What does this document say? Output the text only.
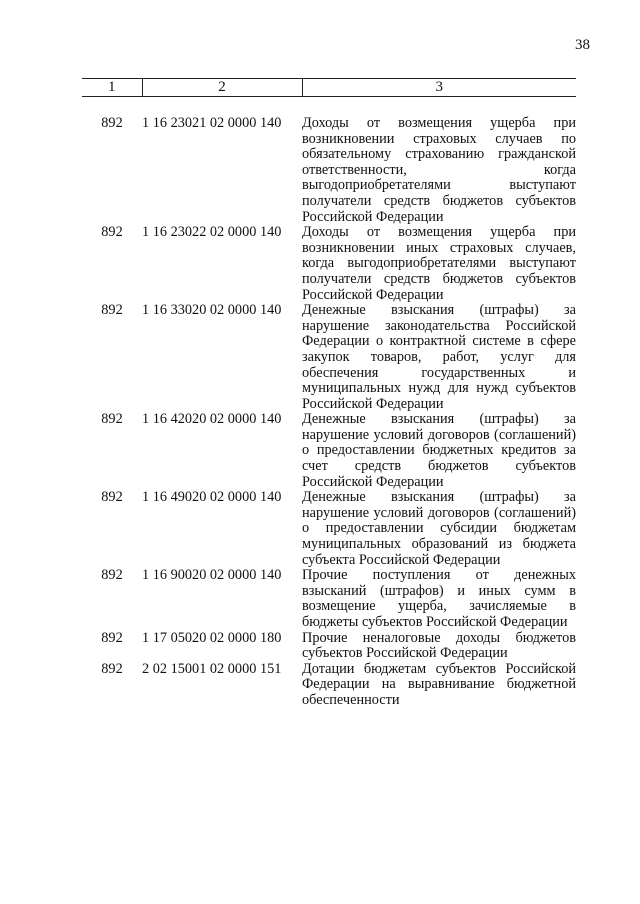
38
1	2	3

892	1 16 23021 02 0000 140	Доходы от возмещения ущерба при возникновении страховых случаев по обязательному страхованию гражданской ответственности, когда выгодоприобретателями выступают получатели средств бюджетов субъектов Российской Федерации
892	1 16 23022 02 0000 140	Доходы от возмещения ущерба при возникновении иных страховых случаев, когда выгодоприобретателями выступают получатели средств бюджетов субъектов Российской Федерации
892	1 16 33020 02 0000 140	Денежные взыскания (штрафы) за нарушение законодательства Российской Федерации о контрактной системе в сфере закупок товаров, работ, услуг для обеспечения государственных и муниципальных нужд для нужд субъектов Российской Федерации
892	1 16 42020 02 0000 140	Денежные взыскания (штрафы) за нарушение условий договоров (соглашений) о предоставлении бюджетных кредитов за счет средств бюджетов субъектов Российской Федерации
892	1 16 49020 02 0000 140	Денежные взыскания (штрафы) за нарушение условий договоров (соглашений) о предоставлении субсидии бюджетам муниципальных образований из бюджета субъекта Российской Федерации
892	1 16 90020 02 0000 140	Прочие поступления от денежных взысканий (штрафов) и иных сумм в возмещение ущерба, зачисляемые в бюджеты субъектов Российской Федерации
892	1 17 05020 02 0000 180	Прочие неналоговые доходы бюджетов субъектов Российской Федерации
892	2 02 15001 02 0000 151	Дотации бюджетам субъектов Российской Федерации на выравнивание бюджетной обеспеченности
